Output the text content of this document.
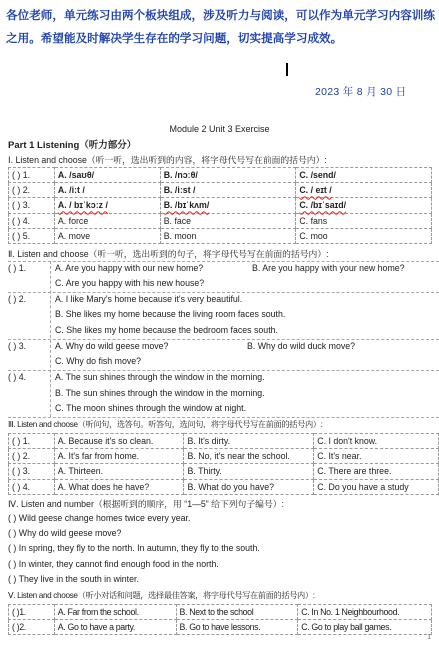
各位老师，单元练习由两个板块组成，涉及听力与阅读，可以作为单元学习内容训练之用。希望能及时解决学生存在的学习问题，切实提高学习成效。
2023 年 8 月 30 日
Module 2 Unit 3 Exercise
Part 1 Listening（听力部分）
Ⅰ. Listen and choose（听一听，选出听到的内容，将字母代号写在前面的括号内）:
( ) 1.	A. /saʊθ/	B. /nɔːθ/	C. /send/
( ) 2.	A. /iːt /	B. /iːst /	C. / eɪt /
( ) 3.	A. / bɪˈkɔːz /	B. /bɪˈkʌm/	C. /bɪˈsaɪd/
( ) 4.	A. force	B. face	C. fans
( ) 5.	A. move	B. moon	C. moo
Ⅱ. Listen and choose（听一听，选出听到的句子，将字母代号写在前面的括号内）:
( ) 1.	A. Are you happy with our new home?	B. Are you happy with your new home?
C. Are you happy with his new house?
( ) 2.	A. I like Mary's home because it's very beautiful.
B. She likes my home because the living room faces south.
C. She likes my home because the bedroom faces south.
( ) 3.	A. Why do wild geese move?	B. Why do wild duck move?
C. Why do fish move?
( ) 4.	A. The sun shines through the window in the morning.
B. The sun shines through the window in the morning.
C. The moon shines through the window at night.
Ⅲ. Listen and choose（听问句，选答句。听答句，选问句，将字母代号写在前面的括号内）:
( ) 1.	A. Because it's so clean.	B. It's dirty.	C. I don't know.
( ) 2.	A. It's far from home.	B. No, it's near the school.	C. It's near.
( ) 3.	A. Thirteen.	B. Thirty.	C. There are three.
( ) 4.	A. What does he have?	B. What do you have?	C. Do you have a study
Ⅳ. Listen and number（根据听到的顺序，用 “1—5” 给下列句子编号）:
( ) Wild geese change homes twice every year.
( ) Why do wild geese move?
( ) In spring, they fly to the north. In autumn, they fly to the south.
( ) In winter, they cannot find enough food in the north.
( ) They live in the south in winter.
Ⅴ. Listen and choose（听小对话和问题，选择最佳答案，将字母代号写在前面的括号内）:
( )1.	A. Far from the school.	B. Next to the school	C. In No. 1 Neighbourhood.
( )2.	A. Go to have a party.	B. Go to have lessons.	C. Go to play ball games.
1
